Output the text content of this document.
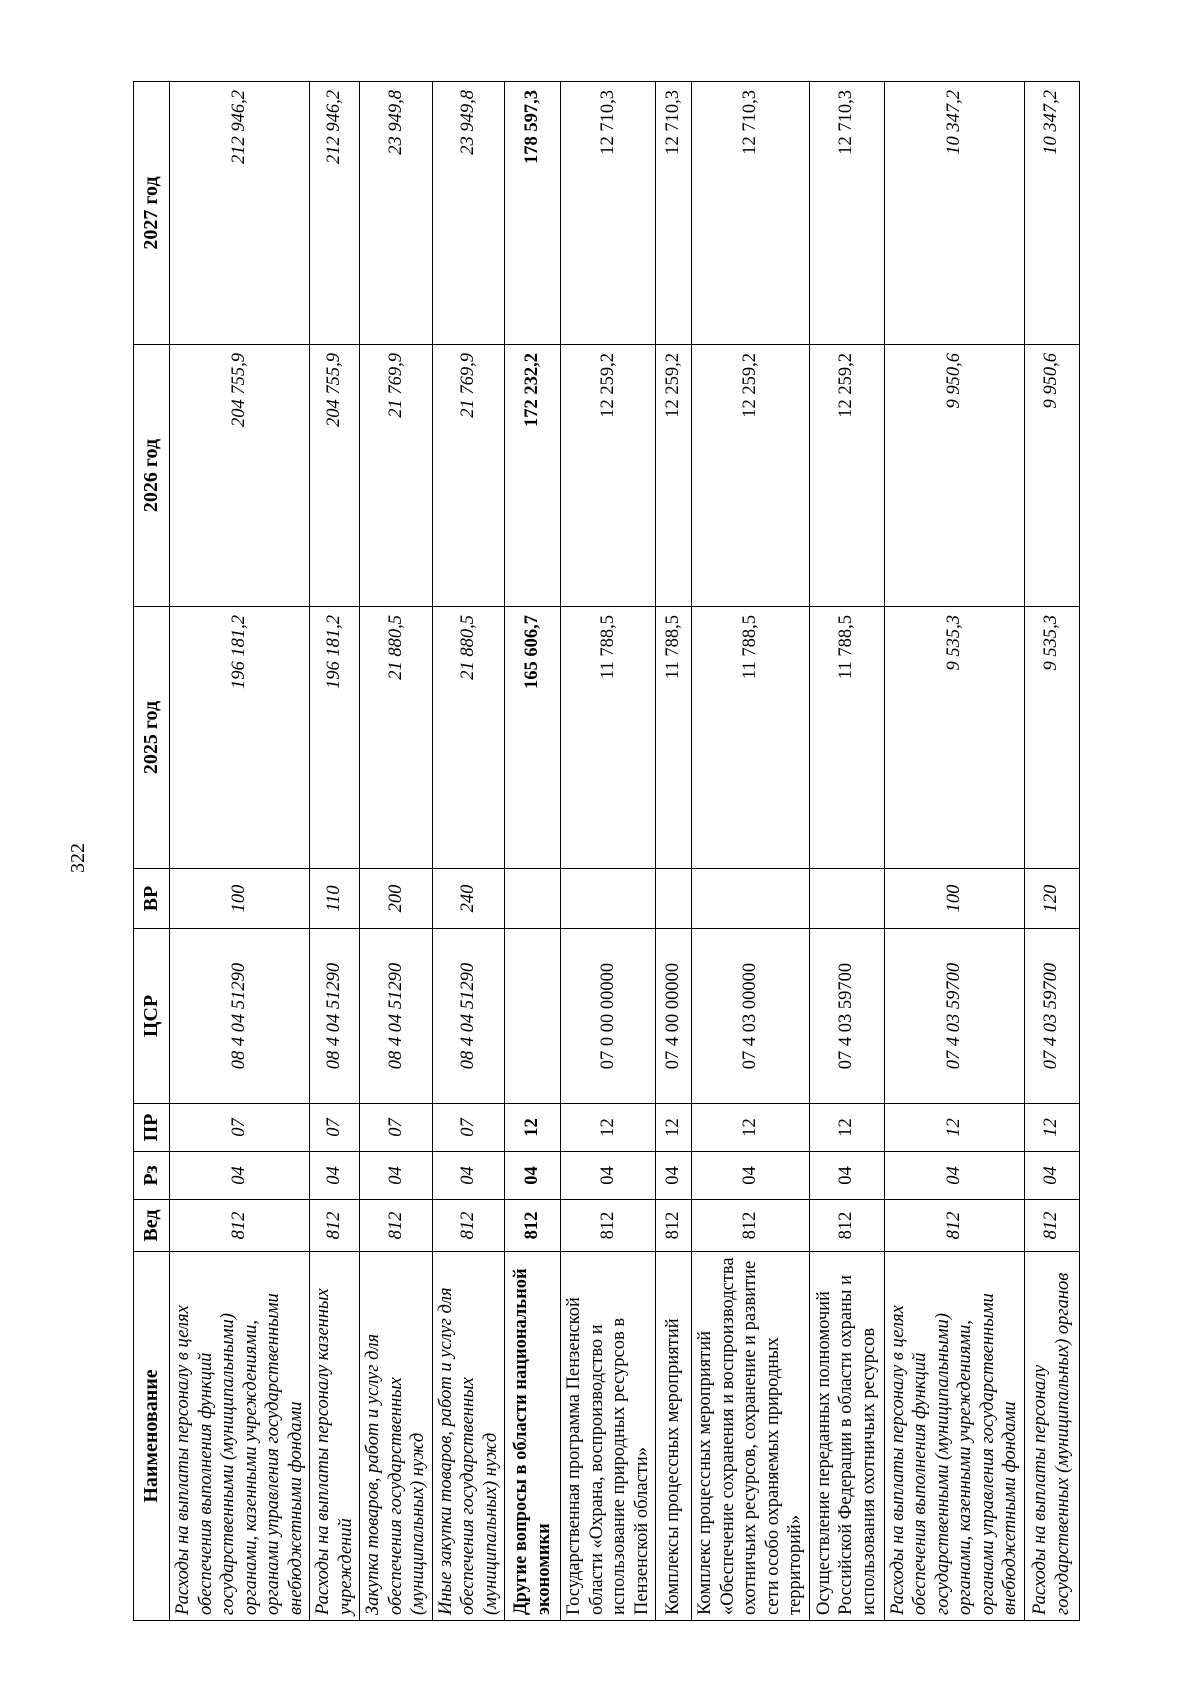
322
Наименование	Вед	Рз	ПР	ЦСР	ВР	2025 год	2026 год	2027 год
Расходы на выплаты персоналу в целях обеспечения выполнения функций государственными (муниципальными) органами, казенными учреждениями, органами управления государственными внебюджетными фондами	812	04	07	08 4 04 51290	100	196 181,2	204 755,9	212 946,2
Расходы на выплаты персоналу казенных учреждений	812	04	07	08 4 04 51290	110	196 181,2	204 755,9	212 946,2
Закупка товаров, работ и услуг для обеспечения государственных (муниципальных) нужд	812	04	07	08 4 04 51290	200	21 880,5	21 769,9	23 949,8
Иные закупки товаров, работ и услуг для обеспечения государственных (муниципальных) нужд	812	04	07	08 4 04 51290	240	21 880,5	21 769,9	23 949,8
Другие вопросы в области национальной экономики	812	04	12			165 606,7	172 232,2	178 597,3
Государственная программа Пензенской области «Охрана, воспроизводство и использование природных ресурсов в Пензенской области»	812	04	12	07 0 00 00000		11 788,5	12 259,2	12 710,3
Комплексы процессных мероприятий	812	04	12	07 4 00 00000		11 788,5	12 259,2	12 710,3
Комплекс процессных мероприятий «Обеспечение сохранения и воспроизводства охотничьих ресурсов, сохранение и развитие сети особо охраняемых природных территорий»	812	04	12	07 4 03 00000		11 788,5	12 259,2	12 710,3
Осуществление переданных полномочий Российской Федерации в области охраны и использования охотничьих ресурсов	812	04	12	07 4 03 59700		11 788,5	12 259,2	12 710,3
Расходы на выплаты персоналу в целях обеспечения выполнения функций государственными (муниципальными) органами, казенными учреждениями, органами управления государственными внебюджетными фондами	812	04	12	07 4 03 59700	100	9 535,3	9 950,6	10 347,2
Расходы на выплаты персоналу государственных (муниципальных) органов	812	04	12	07 4 03 59700	120	9 535,3	9 950,6	10 347,2
